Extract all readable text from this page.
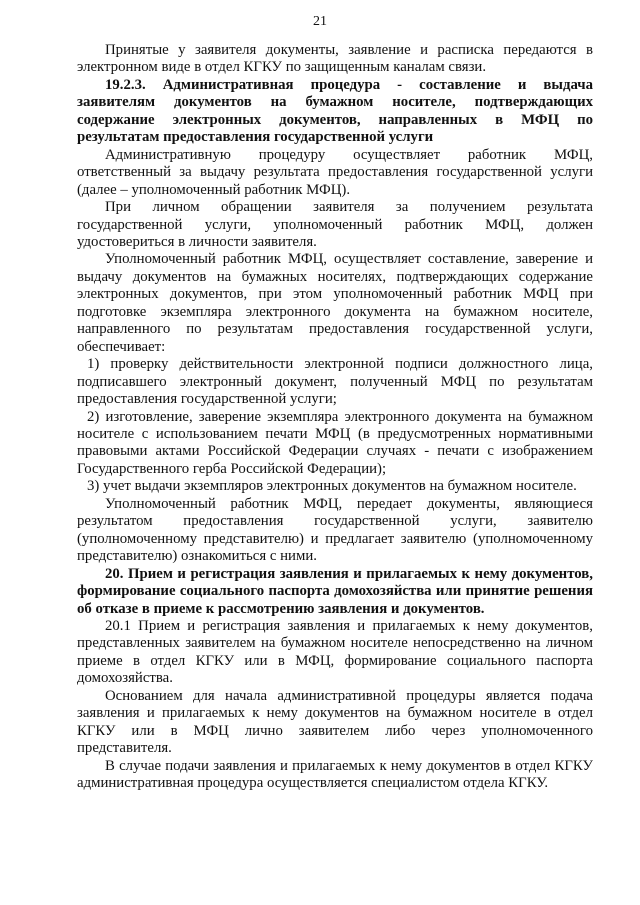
21

Принятые у заявителя документы, заявление и расписка передаются в электронном виде в отдел КГКУ по защищенным каналам связи.

19.2.3. Административная процедура - составление и выдача заявителям документов на бумажном носителе, подтверждающих содержание электронных документов, направленных в МФЦ по результатам предоставления государственной услуги

Административную процедуру осуществляет работник МФЦ, ответственный за выдачу результата предоставления государственной услуги (далее – уполномоченный работник МФЦ).

При личном обращении заявителя за получением результата государственной услуги, уполномоченный работник МФЦ, должен удостовериться в личности заявителя.

Уполномоченный работник МФЦ, осуществляет составление, заверение и выдачу документов на бумажных носителях, подтверждающих содержание электронных документов, при этом уполномоченный работник МФЦ при подготовке экземпляра электронного документа на бумажном носителе, направленного по результатам предоставления государственной услуги, обеспечивает:

1) проверку действительности электронной подписи должностного лица, подписавшего электронный документ, полученный МФЦ по результатам предоставления государственной услуги;

2) изготовление, заверение экземпляра электронного документа на бумажном носителе с использованием печати МФЦ (в предусмотренных нормативными правовыми актами Российской Федерации случаях - печати с изображением Государственного герба Российской Федерации);

3) учет выдачи экземпляров электронных документов на бумажном носителе.

Уполномоченный работник МФЦ, передает документы, являющиеся результатом предоставления государственной услуги, заявителю (уполномоченному представителю) и предлагает заявителю (уполномоченному представителю) ознакомиться с ними.

20. Прием и регистрация заявления и прилагаемых к нему документов, формирование социального паспорта домохозяйства или принятие решения об отказе в приеме к рассмотрению заявления и документов.

20.1 Прием и регистрация заявления и прилагаемых к нему документов, представленных заявителем на бумажном носителе непосредственно на личном приеме в отдел КГКУ или в МФЦ, формирование социального паспорта домохозяйства.

Основанием для начала административной процедуры является подача заявления и прилагаемых к нему документов на бумажном носителе в отдел КГКУ или в МФЦ лично заявителем либо через уполномоченного представителя.

В случае подачи заявления и прилагаемых к нему документов в отдел КГКУ административная процедура осуществляется специалистом отдела КГКУ.
